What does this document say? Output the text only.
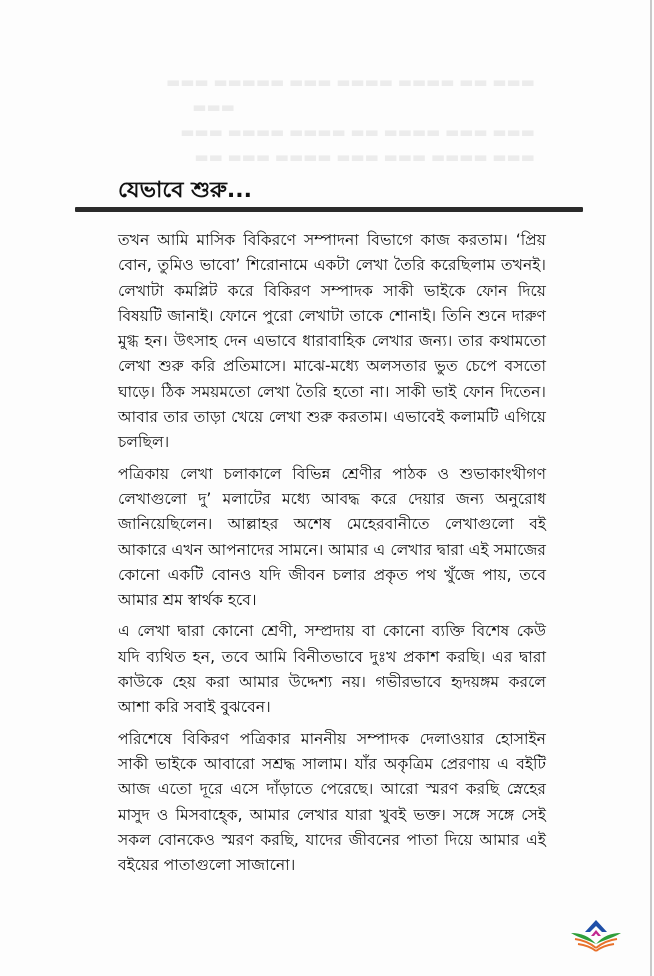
▬▬▬ ▬▬ ▬▬▬▬ ▬▬▬▬ ▬▬▬ ▬▬▬▬▬ ▬▬▬
▬▬▬
▬▬▬ ▬▬▬ ▬▬▬▬ ▬▬ ▬▬▬▬ ▬▬▬▬ ▬▬▬
▬▬▬ ▬▬▬▬ ▬▬▬ ▬▬▬ ▬▬▬▬ ▬▬▬ ▬▬
যেভাবে শুরু...

তখন আমি মাসিক বিকিরণে সম্পাদনা বিভাগে কাজ করতাম। ‘প্রিয় বোন, তুমিও ভাবো’ শিরোনামে একটা লেখা তৈরি করেছিলাম তখনই। লেখাটা কমপ্লিট করে বিকিরণ সম্পাদক সাকী ভাইকে ফোন দিয়ে বিষয়টি জানাই। ফোনে পুরো লেখাটা তাকে শোনাই। তিনি শুনে দারুণ মুগ্ধ হন। উৎসাহ দেন এভাবে ধারাবাহিক লেখার জন্য। তার কথামতো লেখা শুরু করি প্রতিমাসে। মাঝে-মধ্যে অলসতার ভুত চেপে বসতো ঘাড়ে। ঠিক সময়মতো লেখা তৈরি হতো না। সাকী ভাই ফোন দিতেন। আবার তার তাড়া খেয়ে লেখা শুরু করতাম। এভাবেই কলামটি এগিয়ে চলছিল।

পত্রিকায় লেখা চলাকালে বিভিন্ন শ্রেণীর পাঠক ও শুভাকাংখীগণ লেখাগুলো দু’ মলাটের মধ্যে আবদ্ধ করে দেয়ার জন্য অনুরোধ জানিয়েছিলেন। আল্লাহর অশেষ মেহেরবানীতে লেখাগুলো বই আকারে এখন আপনাদের সামনে। আমার এ লেখার দ্বারা এই সমাজের কোনো একটি বোনও যদি জীবন চলার প্রকৃত পথ খুঁজে পায়, তবে আমার শ্রম স্বার্থক হবে।

এ লেখা দ্বারা কোনো শ্রেণী, সম্প্রদায় বা কোনো ব্যক্তি বিশেষ কেউ যদি ব্যথিত হন, তবে আমি বিনীতভাবে দুঃখ প্রকাশ করছি। এর দ্বারা কাউকে হেয় করা আমার উদ্দেশ্য নয়। গভীরভাবে হৃদয়ঙ্গম করলে আশা করি সবাই বুঝবেন।

পরিশেষে বিকিরণ পত্রিকার মাননীয় সম্পাদক দেলাওয়ার হোসাইন সাকী ভাইকে আবারো সশ্রদ্ধ সালাম। যাঁর অকৃত্রিম প্রেরণায় এ বইটি আজ এতো দূরে এসে দাঁড়াতে পেরেছে। আরো স্মরণ করছি স্নেহের মাসুদ ও মিসবাহ্কে, আমার লেখার যারা খুবই ভক্ত। সঙ্গে সঙ্গে সেই সকল বোনকেও স্মরণ করছি, যাদের জীবনের পাতা দিয়ে আমার এই বইয়ের পাতাগুলো সাজানো।
